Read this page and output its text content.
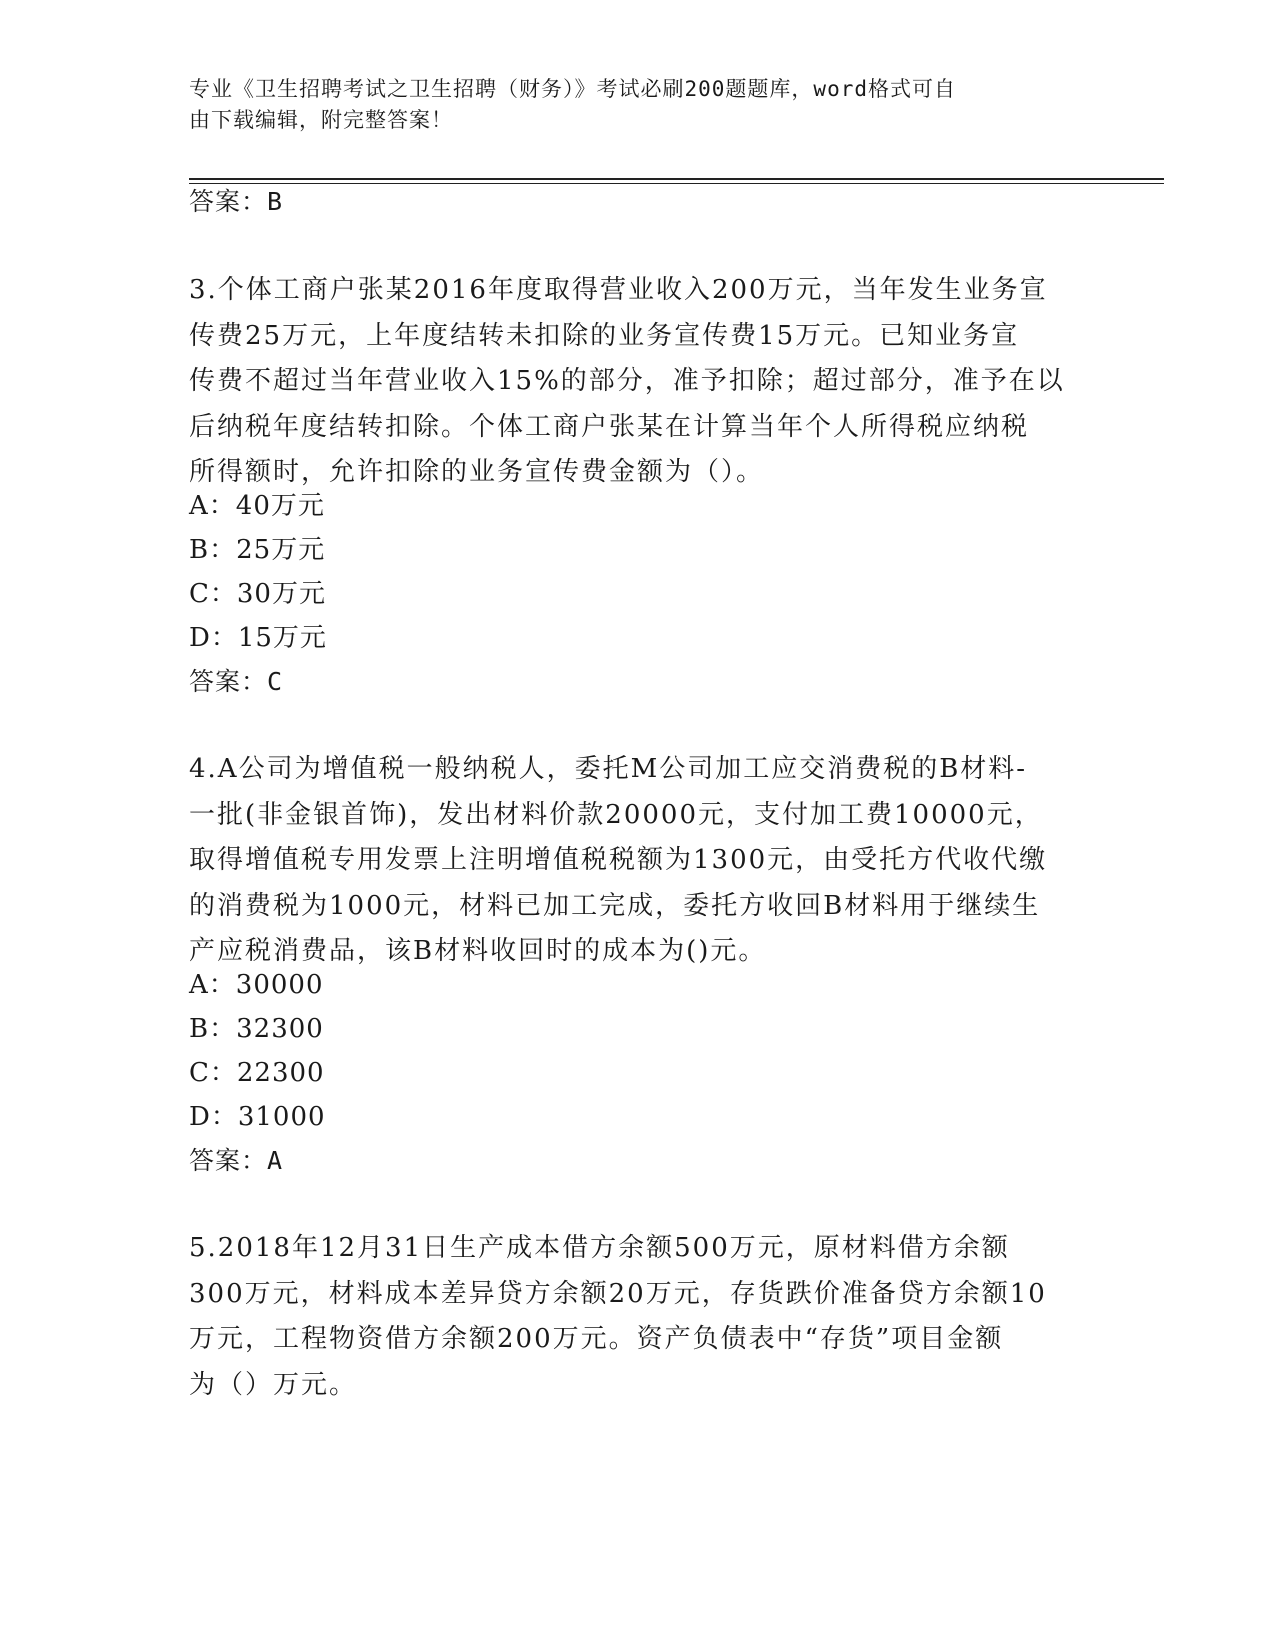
专业《卫生招聘考试之卫生招聘（财务）》考试必刷200题题库，word格式可自
由下载编辑，附完整答案！
答案：B
3.个体工商户张某2016年度取得营业收入200万元，当年发生业务宣
传费25万元，上年度结转未扣除的业务宣传费15万元。已知业务宣
传费不超过当年营业收入15%的部分，准予扣除；超过部分，准予在以
后纳税年度结转扣除。个体工商户张某在计算当年个人所得税应纳税
所得额时，允许扣除的业务宣传费金额为（）。
A：40万元
B：25万元
C：30万元
D：15万元
答案：C
4.A公司为增值税一般纳税人，委托M公司加工应交消费税的B材料-
一批(非金银首饰)，发出材料价款20000元，支付加工费10000元，
取得增值税专用发票上注明增值税税额为1300元，由受托方代收代缴
的消费税为1000元，材料已加工完成，委托方收回B材料用于继续生
产应税消费品，该B材料收回时的成本为()元。
A：30000
B：32300
C：22300
D：31000
答案：A
5.2018年12月31日生产成本借方余额500万元，原材料借方余额
300万元，材料成本差异贷方余额20万元，存货跌价准备贷方余额10
万元，工程物资借方余额200万元。资产负债表中“存货”项目金额
为（）万元。
